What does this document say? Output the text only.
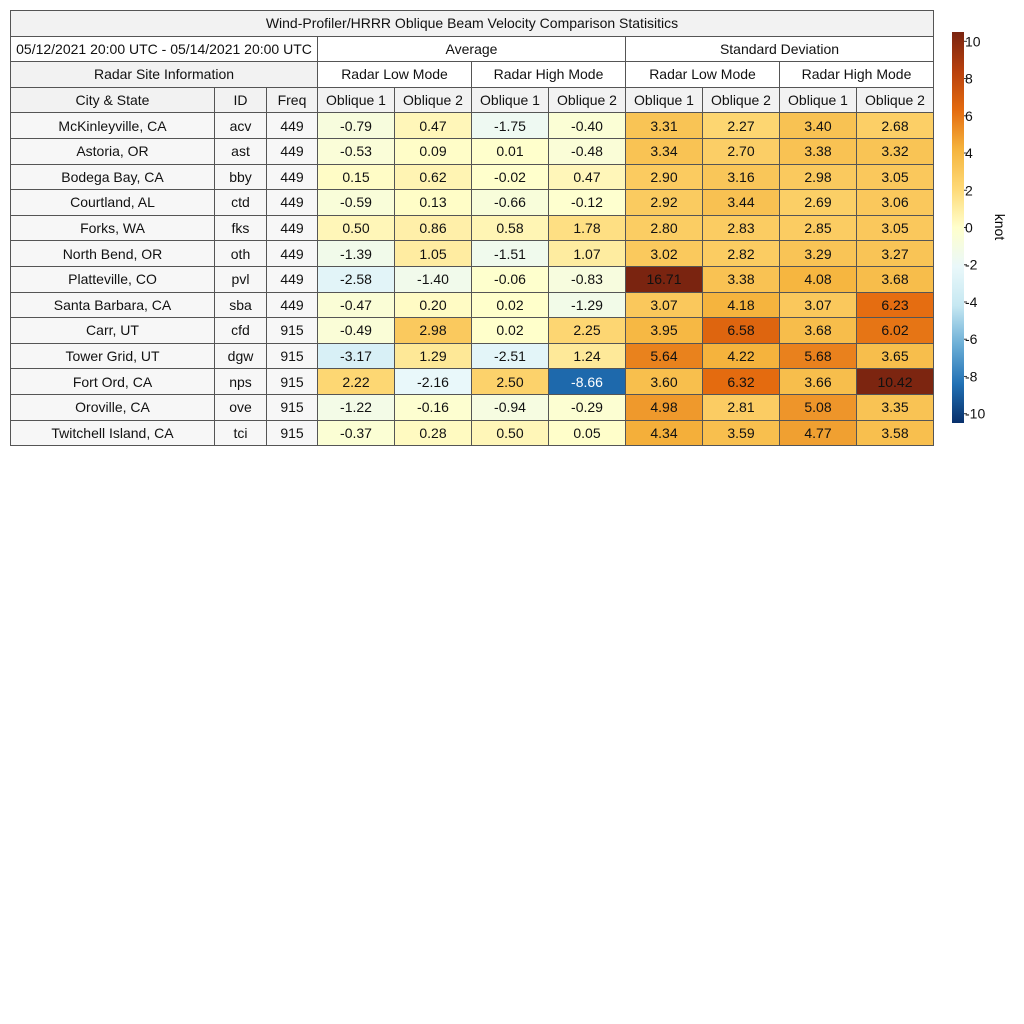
Wind-Profiler/HRRR Oblique Beam Velocity Comparison Statisitics										
05/12/2021 20:00 UTC - 05/14/2021 20:00 UTC			Average				Standard Deviation			
Radar Site Information			Radar Low Mode		Radar High Mode		Radar Low Mode		Radar High Mode	
City & State	ID	Freq	Oblique 1	Oblique 2	Oblique 1	Oblique 2	Oblique 1	Oblique 2	Oblique 1	Oblique 2
McKinleyville, CA	acv	449	-0.79	0.47	-1.75	-0.40	3.31	2.27	3.40	2.68
Astoria, OR	ast	449	-0.53	0.09	0.01	-0.48	3.34	2.70	3.38	3.32
Bodega Bay, CA	bby	449	0.15	0.62	-0.02	0.47	2.90	3.16	2.98	3.05
Courtland, AL	ctd	449	-0.59	0.13	-0.66	-0.12	2.92	3.44	2.69	3.06
Forks, WA	fks	449	0.50	0.86	0.58	1.78	2.80	2.83	2.85	3.05
North Bend, OR	oth	449	-1.39	1.05	-1.51	1.07	3.02	2.82	3.29	3.27
Platteville, CO	pvl	449	-2.58	-1.40	-0.06	-0.83	16.71	3.38	4.08	3.68
Santa Barbara, CA	sba	449	-0.47	0.20	0.02	-1.29	3.07	4.18	3.07	6.23
Carr, UT	cfd	915	-0.49	2.98	0.02	2.25	3.95	6.58	3.68	6.02
Tower Grid, UT	dgw	915	-3.17	1.29	-2.51	1.24	5.64	4.22	5.68	3.65
Fort Ord, CA	nps	915	2.22	-2.16	2.50	-8.66	3.60	6.32	3.66	10.42
Oroville, CA	ove	915	-1.22	-0.16	-0.94	-0.29	4.98	2.81	5.08	3.35
Twitchell Island, CA	tci	915	-0.37	0.28	0.50	0.05	4.34	3.59	4.77	3.58
10
8
6
4
2
0
-2
-4
-6
-8
-10
knot
